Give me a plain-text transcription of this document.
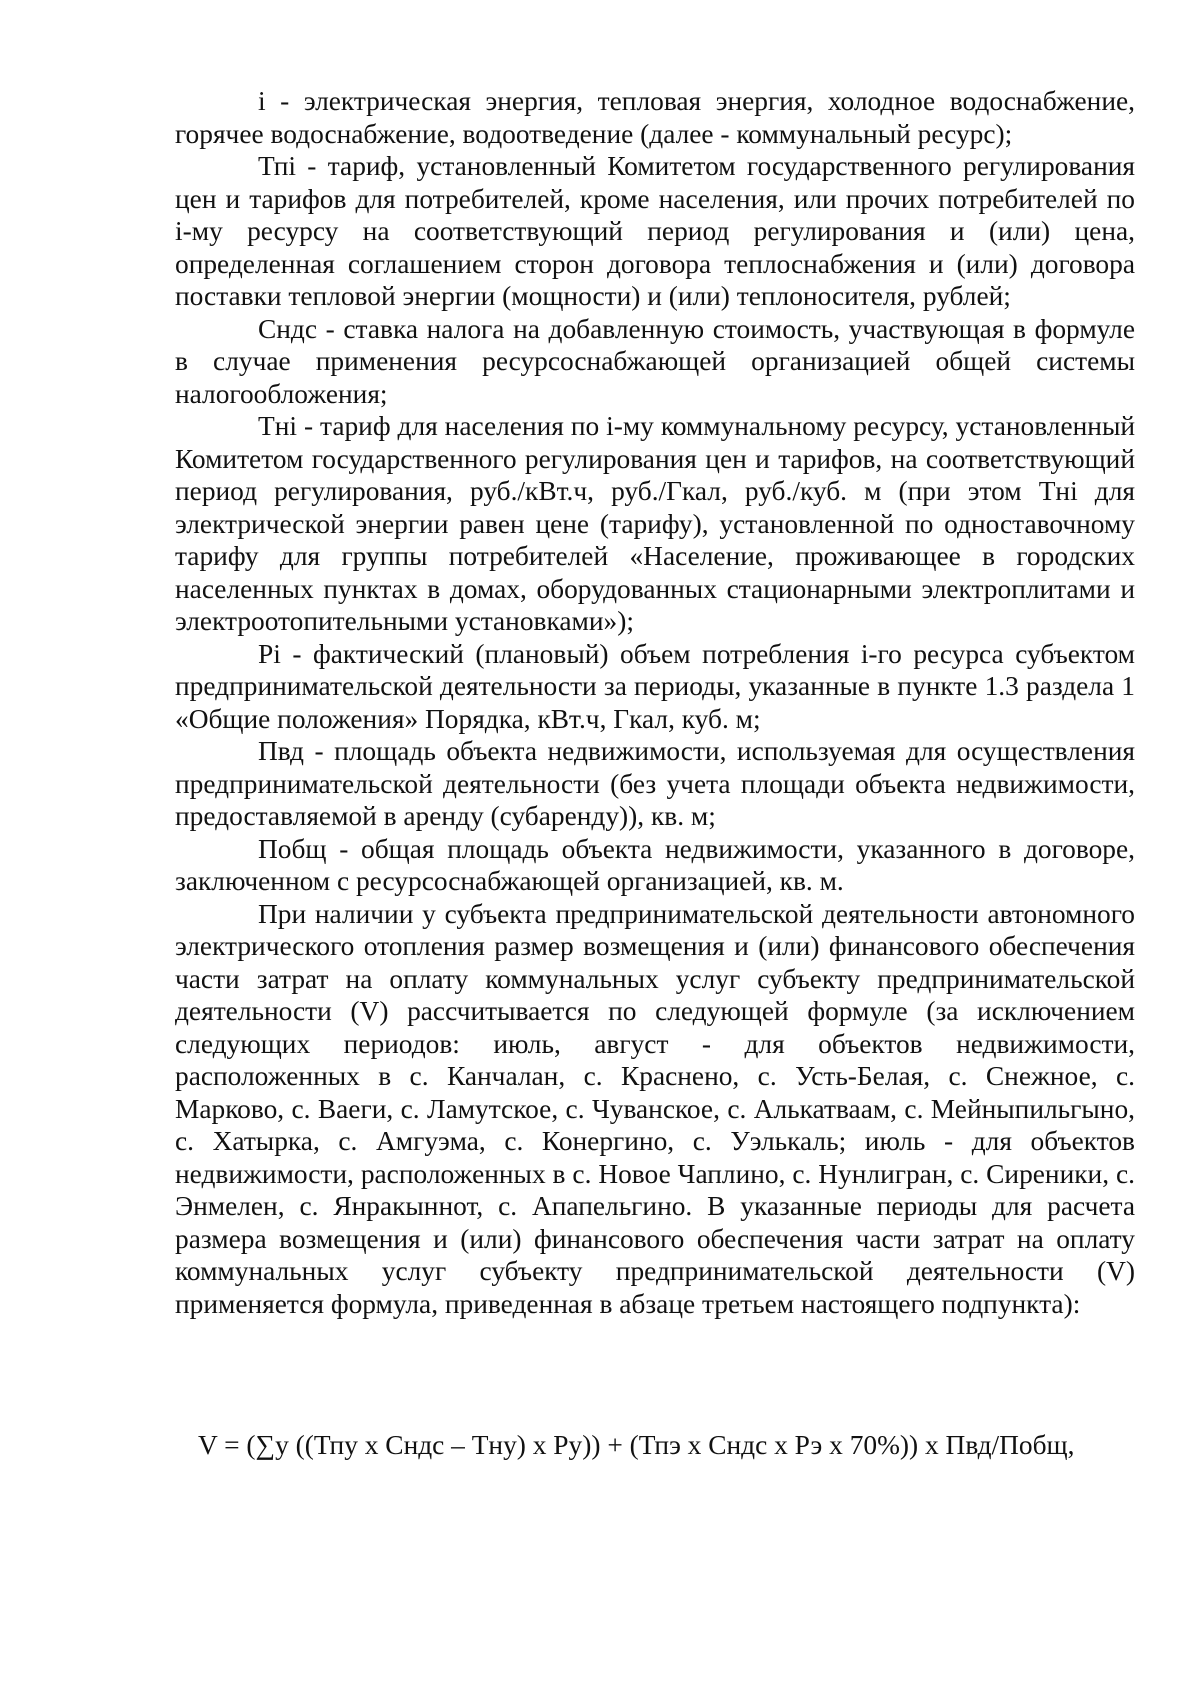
i - электрическая энергия, тепловая энергия, холодное водоснабжение, горячее водоснабжение, водоотведение (далее - коммунальный ресурс);

Тпi - тариф, установленный Комитетом государственного регулирования цен и тарифов для потребителей, кроме населения, или прочих потребителей по i-му ресурсу на соответствующий период регулирования и (или) цена, определенная соглашением сторон договора теплоснабжения и (или) договора поставки тепловой энергии (мощности) и (или) теплоносителя, рублей;

Сндс - ставка налога на добавленную стоимость, участвующая в формуле в случае применения ресурсоснабжающей организацией общей системы налогообложения;

Тнi - тариф для населения по i-му коммунальному ресурсу, установленный Комитетом государственного регулирования цен и тарифов, на соответствующий период регулирования, руб./кВт.ч, руб./Гкал, руб./куб. м (при этом Тнi для электрической энергии равен цене (тарифу), установленной по одноставочному тарифу для группы потребителей «Население, проживающее в городских населенных пунктах в домах, оборудованных стационарными электроплитами и электроотопительными установками»);

Рi - фактический (плановый) объем потребления i-го ресурса субъектом предпринимательской деятельности за периоды, указанные в пункте 1.3 раздела 1 «Общие положения» Порядка, кВт.ч, Гкал, куб. м;

Пвд - площадь объекта недвижимости, используемая для осуществления предпринимательской деятельности (без учета площади объекта недвижимости, предоставляемой в аренду (субаренду)), кв. м;

Побщ - общая площадь объекта недвижимости, указанного в договоре, заключенном с ресурсоснабжающей организацией, кв. м.

При наличии у субъекта предпринимательской деятельности автономного электрического отопления размер возмещения и (или) финансового обеспечения части затрат на оплату коммунальных услуг субъекту предпринимательской деятельности (V) рассчитывается по следующей формуле (за исключением следующих периодов: июль, август - для объектов недвижимости, расположенных в с. Канчалан, с. Краснено, с. Усть-Белая, с. Снежное, с. Марково, с. Ваеги, с. Ламутское, с. Чуванское, с. Алькатваам, с. Мейныпильгыно, с. Хатырка, с. Амгуэма, с. Конергино, с. Уэлькаль; июль - для объектов недвижимости, расположенных в с. Новое Чаплино, с. Нунлигран, с. Сиреники, с. Энмелен, с. Янракыннот, с. Апапельгино. В указанные периоды для расчета размера возмещения и (или) финансового обеспечения части затрат на оплату коммунальных услуг субъекту предпринимательской деятельности (V) применяется формула, приведенная в абзаце третьем настоящего подпункта):

V = (∑у ((Тпу х Сндс – Тну) х Ру)) + (Тпэ х Сндс х Рэ х 70%)) х Пвд/Побщ,
